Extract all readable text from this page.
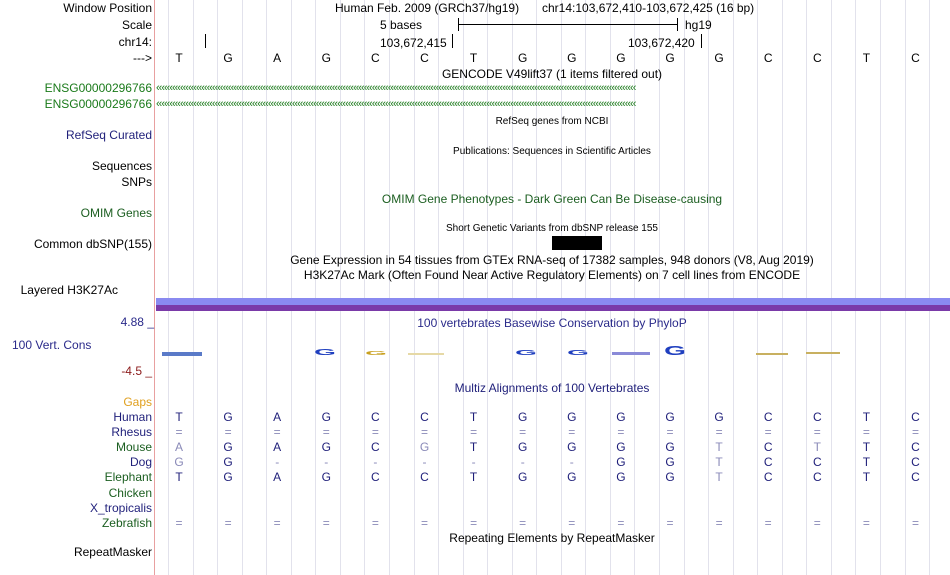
Window Position
Scale
chr14:
--->
Human Feb. 2009 (GRCh37/hg19) chr14:103,672,410-103,672,425 (16 bp)
5 bases	hg19
103,672,415	103,672,420
T	G	A	G	C	C	T	G	G	G	G	G	C	C	T	C
GENCODE V49lift37 (1 items filtered out)
ENSG00000296766 ‹‹‹‹‹‹‹‹‹‹‹‹‹‹‹‹‹‹‹‹‹‹‹‹‹‹‹‹‹‹‹‹‹‹‹‹‹‹‹‹‹‹‹‹‹‹‹‹‹‹‹‹‹‹‹‹‹‹‹‹‹‹‹‹‹‹‹‹‹‹‹‹‹‹‹‹‹‹‹‹‹‹‹‹‹‹‹‹‹‹‹‹‹‹‹‹‹‹‹‹‹‹‹‹‹‹‹‹‹‹‹‹‹‹‹‹‹‹‹‹‹‹‹‹‹‹‹‹‹‹‹‹‹‹‹‹‹‹‹‹‹‹‹‹‹‹‹‹‹‹‹‹‹‹‹‹‹‹‹‹‹‹‹‹‹‹‹‹‹‹‹‹‹‹‹‹‹‹‹‹
ENSG00000296766 ‹‹‹‹‹‹‹‹‹‹‹‹‹‹‹‹‹‹‹‹‹‹‹‹‹‹‹‹‹‹‹‹‹‹‹‹‹‹‹‹‹‹‹‹‹‹‹‹‹‹‹‹‹‹‹‹‹‹‹‹‹‹‹‹‹‹‹‹‹‹‹‹‹‹‹‹‹‹‹‹‹‹‹‹‹‹‹‹‹‹‹‹‹‹‹‹‹‹‹‹‹‹‹‹‹‹‹‹‹‹‹‹‹‹‹‹‹‹‹‹‹‹‹‹‹‹‹‹‹‹‹‹‹‹‹‹‹‹‹‹‹‹‹‹‹‹‹‹‹‹‹‹‹‹‹‹‹‹‹‹‹‹‹‹‹‹‹‹‹‹‹‹‹‹‹‹‹‹‹‹
RefSeq genes from NCBI
RefSeq Curated
Publications: Sequences in Scientific Articles
Sequences
SNPs
OMIM Gene Phenotypes - Dark Green Can Be Disease-causing
OMIM Genes
Short Genetic Variants from dbSNP release 155
Common dbSNP(155)
Gene Expression in 54 tissues from GTEx RNA-seq of 17382 samples, 948 donors (V8, Aug 2019)
H3K27Ac Mark (Often Found Near Active Regulatory Elements) on 7 cell lines from ENCODE
Layered H3K27Ac
4.88 _	100 vertebrates Basewise Conservation by PhyloP
100 Vert. Cons
-4.5 _
G G	G G	G
Multiz Alignments of 100 Vertebrates
Gaps
Human	T	G	A	G	C	C	T	G	G	G	G	G	C	C	T	C
Rhesus	=	=	=	=	=	=	=	=	=	=	=	=	=	=	=	=
Mouse	A	G	A	G	C	G	T	G	G	G	G	T	C	T	T	C
Dog	G	G	-	-	-	-	-	-	-	G	G	T	C	C	T	C
Elephant	T	G	A	G	C	C	T	G	G	G	G	T	C	C	T	C
Chicken
X_tropicalis
Zebrafish	=	=	=	=	=	=	=	=	=	=	=	=	=	=	=	=
Repeating Elements by RepeatMasker
RepeatMasker
